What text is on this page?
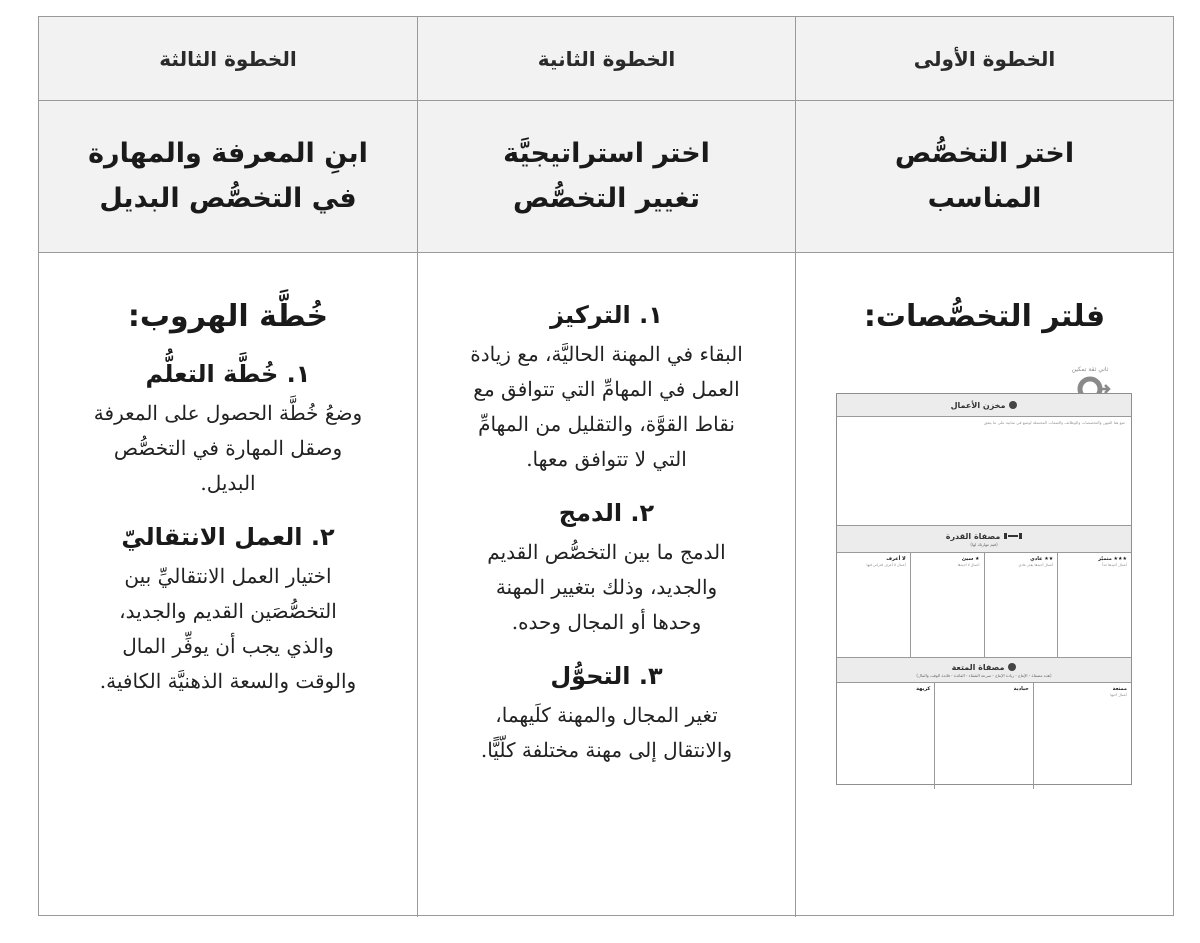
الخطوة الأولى
الخطوة الثانية
الخطوة الثالثة
اختر التخصُّص
المناسب
اختر استراتيجيَّة
تغيير التخصُّص
ابنِ المعرفة والمهارة
في التخصُّص البديل
فلتر التخصُّصات:
ثاني ثقة تمكين
مخزن الأعمال
ضع هنا المهن والتخصصات والوظائف والصفات المحتملة لوضع في ثمانية على ما يتفق
مصفاة القدرة
(قيم مهارتك لها)
★★★ متميّز
أعمال أجيدها جداً
★★ عادي
أعمال أجيدها بقدر عادي
★ سيئ
أعمال لا أجيدها
لا أعرف
أعمال لا أعرف قدراتي فيها
مصفاة المتعة
(هذه مصفاة - الإنتاج - زيادة الإنتاج - سرعة الشقاء - الفائدة - فائدة الوقت والمال)
ممتعة
أعمال أحبها
حيادية
كريهة
١. التركيز
البقاء في المهنة الحاليَّة، مع زيادة
العمل في المهامِّ التي تتوافق مع
نقاط القوَّة، والتقليل من المهامِّ
التي لا تتوافق معها.
٢. الدمج
الدمج ما بين التخصُّص القديم
والجديد، وذلك بتغيير المهنة
وحدها أو المجال وحده.
٣. التحوُّل
تغير المجال والمهنة كلَيهما،
والانتقال إلى مهنة مختلفة كلّيًّا.
خُطَّة الهروب:
١. خُطَّة التعلُّم
وضعُ خُطَّة الحصول على المعرفة
وصقل المهارة في التخصُّص
البديل.
٢. العمل الانتقاليّ
اختيار العمل الانتقاليِّ بين
التخصُّصَين القديم والجديد،
والذي يجب أن يوفِّر المال
والوقت والسعة الذهنيَّة الكافية.
